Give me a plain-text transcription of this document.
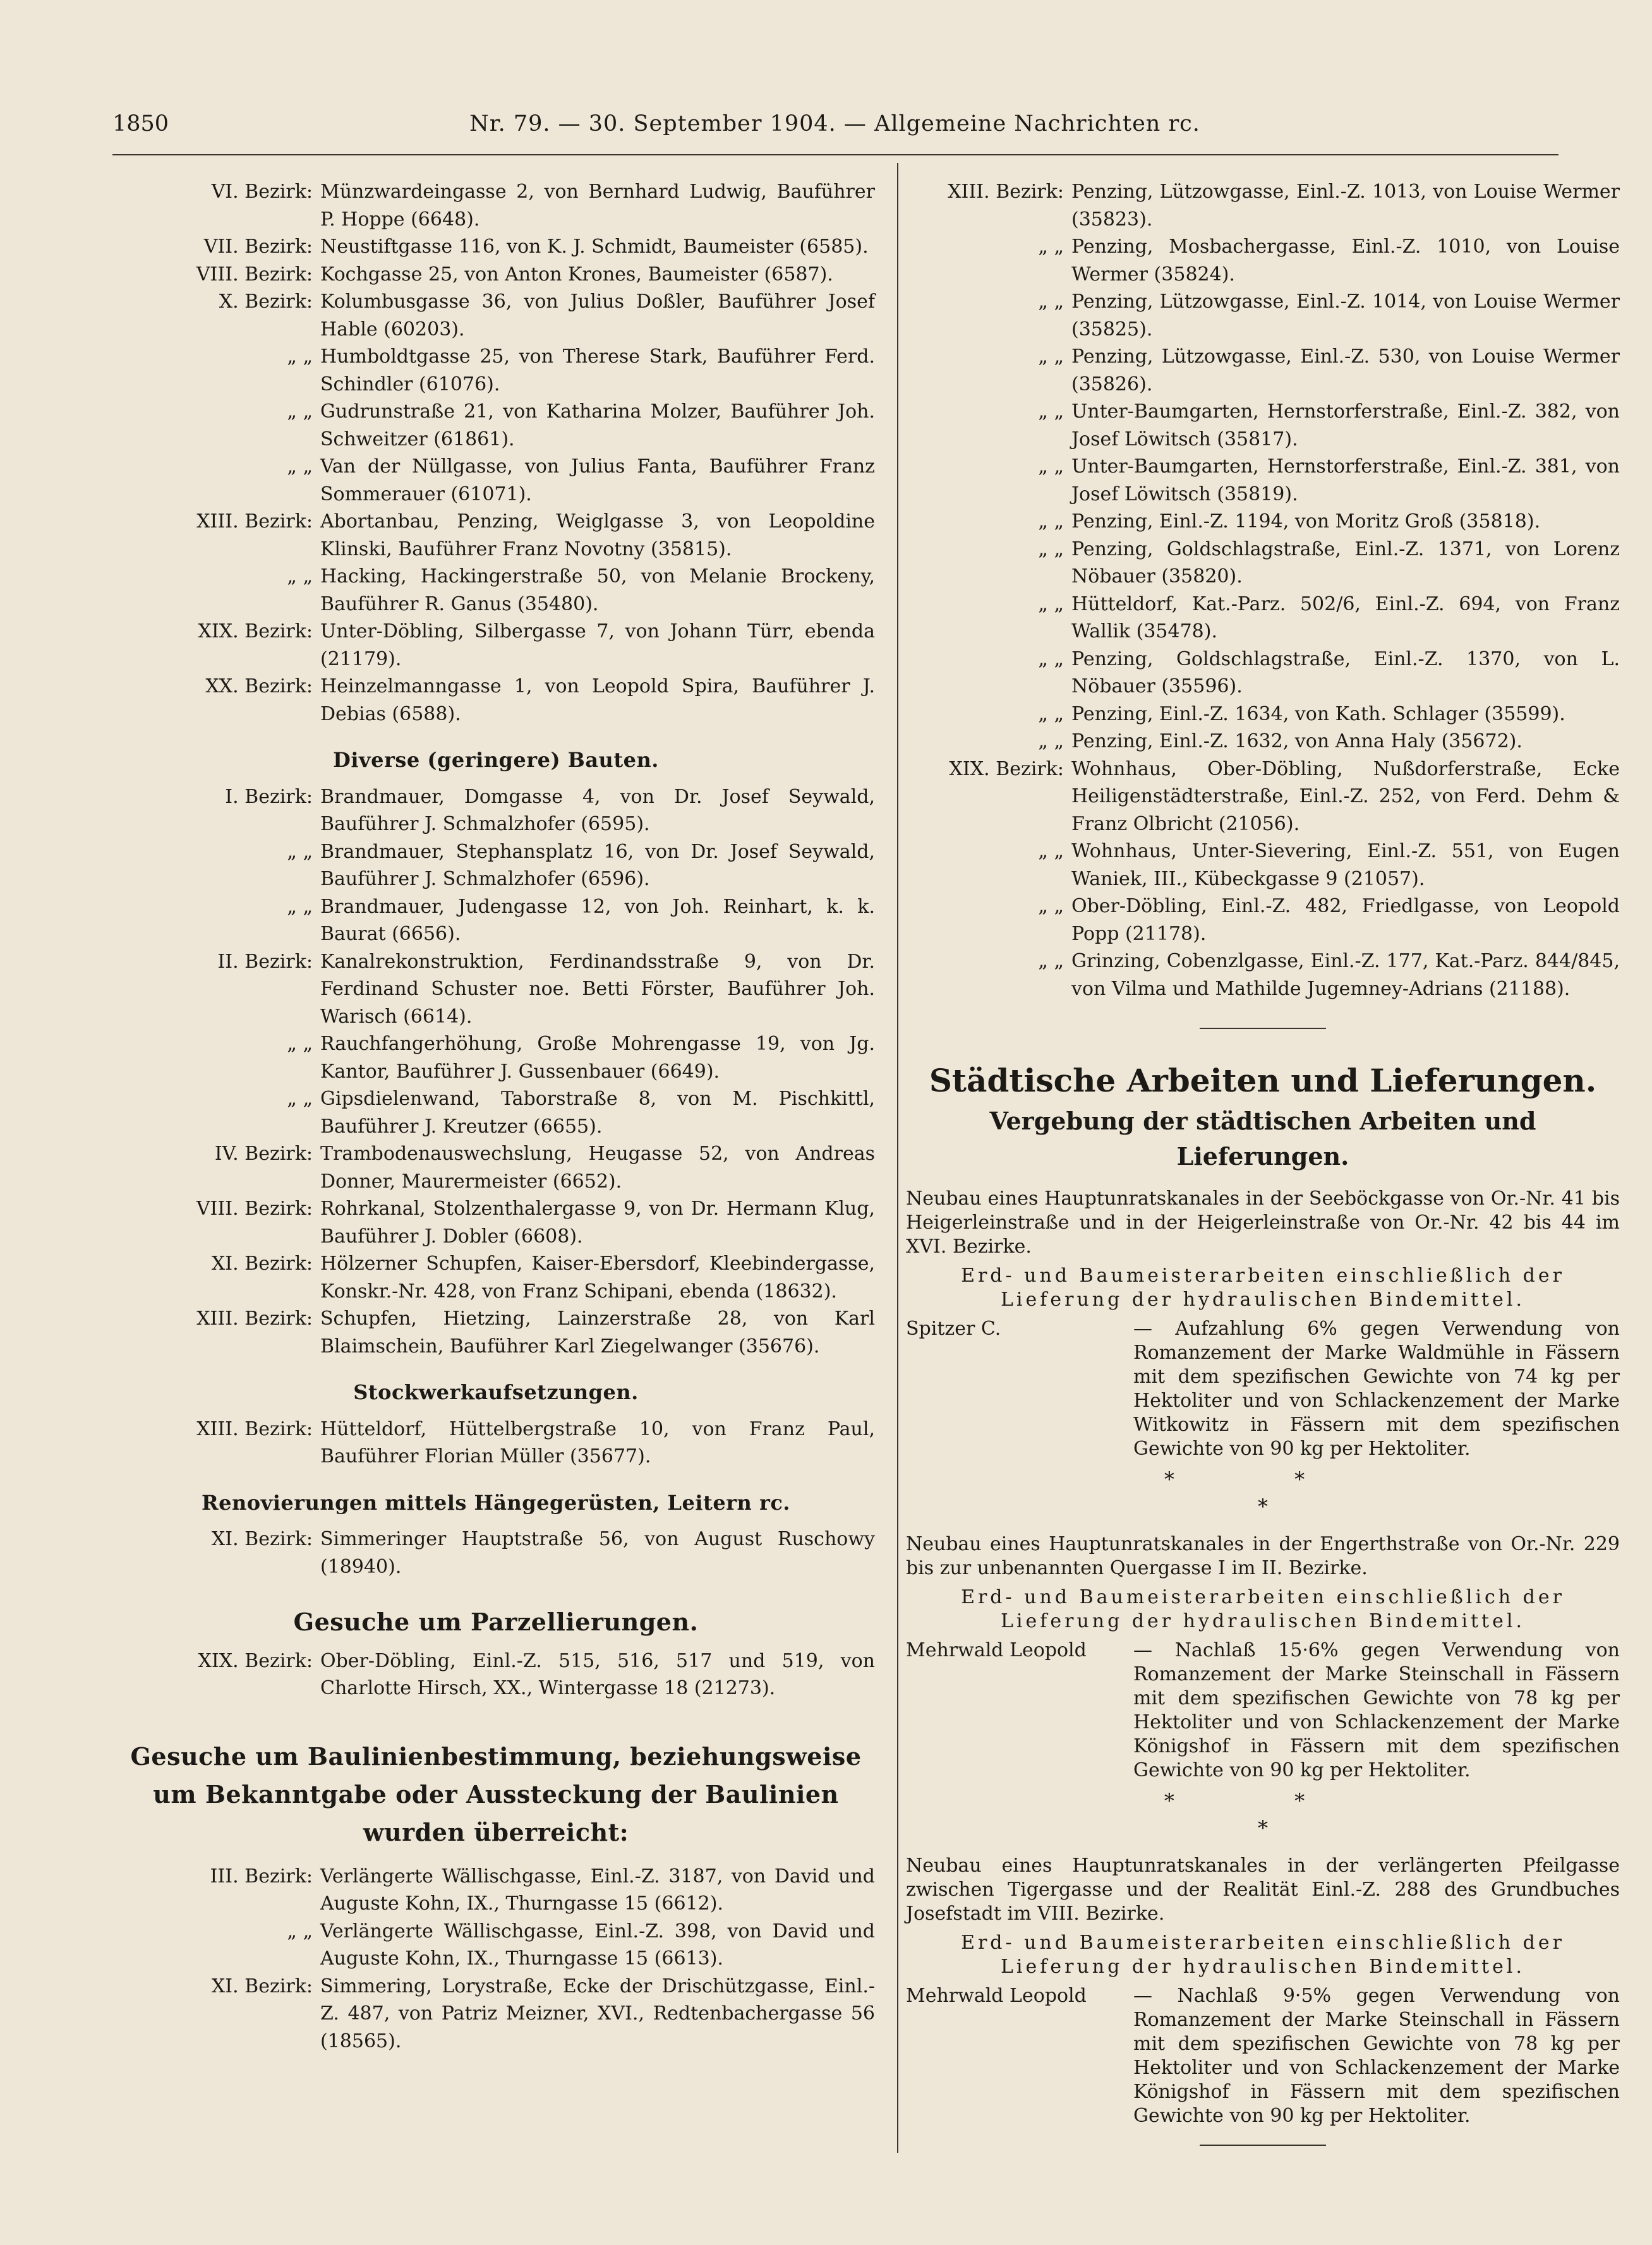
1850	Nr. 79. — 30. September 1904. — Allgemeine Nachrichten rc.
VI. Bezirk: Münzwardeingasse 2, von Bernhard Ludwig, Bauführer P. Hoppe (6648).
VII. Bezirk: Neustiftgasse 116, von K. J. Schmidt, Baumeister (6585).
VIII. Bezirk: Kochgasse 25, von Anton Krones, Baumeister (6587).
X. Bezirk: Kolumbusgasse 36, von Julius Doßler, Bauführer Josef Hable (60203).
„ „ Humboldtgasse 25, von Therese Stark, Bauführer Ferd. Schindler (61076).
„ „ Gudrunstraße 21, von Katharina Molzer, Bauführer Joh. Schweitzer (61861).
„ „ Van der Nüllgasse, von Julius Fanta, Bauführer Franz Sommerauer (61071).
XIII. Bezirk: Abortanbau, Penzing, Weiglgasse 3, von Leopoldine Klinski, Bauführer Franz Novotny (35815).
„ „ Hacking, Hackingerstraße 50, von Melanie Brockeny, Bauführer R. Ganus (35480).
XIX. Bezirk: Unter-Döbling, Silbergasse 7, von Johann Türr, ebenda (21179).
XX. Bezirk: Heinzelmanngasse 1, von Leopold Spira, Bauführer J. Debias (6588).
Diverse (geringere) Bauten.
I. Bezirk: Brandmauer, Domgasse 4, von Dr. Josef Seywald, Bauführer J. Schmalzhofer (6595).
„ „ Brandmauer, Stephansplatz 16, von Dr. Josef Seywald, Bauführer J. Schmalzhofer (6596).
„ „ Brandmauer, Judengasse 12, von Joh. Reinhart, k. k. Baurat (6656).
II. Bezirk: Kanalrekonstruktion, Ferdinandsstraße 9, von Dr. Ferdinand Schuster noe. Betti Förster, Bauführer Joh. Warisch (6614).
„ „ Rauchfangerhöhung, Große Mohrengasse 19, von Jg. Kantor, Bauführer J. Gussenbauer (6649).
„ „ Gipsdielenwand, Taborstraße 8, von M. Pischkittl, Bauführer J. Kreutzer (6655).
IV. Bezirk: Trambodenauswechslung, Heugasse 52, von Andreas Donner, Maurermeister (6652).
VIII. Bezirk: Rohrkanal, Stolzenthalergasse 9, von Dr. Hermann Klug, Bauführer J. Dobler (6608).
XI. Bezirk: Hölzerner Schupfen, Kaiser-Ebersdorf, Kleebindergasse, Konskr.-Nr. 428, von Franz Schipani, ebenda (18632).
XIII. Bezirk: Schupfen, Hietzing, Lainzerstraße 28, von Karl Blaimschein, Bauführer Karl Ziegelwanger (35676).
Stockwerkaufsetzungen.
XIII. Bezirk: Hütteldorf, Hüttelbergstraße 10, von Franz Paul, Bauführer Florian Müller (35677).
Renovierungen mittels Hängegerüsten, Leitern rc.
XI. Bezirk: Simmeringer Hauptstraße 56, von August Ruschowy (18940).
Gesuche um Parzellierungen.
XIX. Bezirk: Ober-Döbling, Einl.-Z. 515, 516, 517 und 519, von Charlotte Hirsch, XX., Wintergasse 18 (21273).
Gesuche um Baulinienbestimmung, beziehungsweise um Bekanntgabe oder Aussteckung der Baulinien wurden überreicht:
III. Bezirk: Verlängerte Wällischgasse, Einl.-Z. 3187, von David und Auguste Kohn, IX., Thurngasse 15 (6612).
„ „ Verlängerte Wällischgasse, Einl.-Z. 398, von David und Auguste Kohn, IX., Thurngasse 15 (6613).
XI. Bezirk: Simmering, Lorystraße, Ecke der Drischützgasse, Einl.-Z. 487, von Patriz Meizner, XVI., Redtenbachergasse 56 (18565).
XIII. Bezirk: Penzing, Lützowgasse, Einl.-Z. 1013, von Louise Wermer (35823).
„ „ Penzing, Mosbachergasse, Einl.-Z. 1010, von Louise Wermer (35824).
„ „ Penzing, Lützowgasse, Einl.-Z. 1014, von Louise Wermer (35825).
„ „ Penzing, Lützowgasse, Einl.-Z. 530, von Louise Wermer (35826).
„ „ Unter-Baumgarten, Hernstorferstraße, Einl.-Z. 382, von Josef Löwitsch (35817).
„ „ Unter-Baumgarten, Hernstorferstraße, Einl.-Z. 381, von Josef Löwitsch (35819).
„ „ Penzing, Einl.-Z. 1194, von Moritz Groß (35818).
„ „ Penzing, Goldschlagstraße, Einl.-Z. 1371, von Lorenz Nöbauer (35820).
„ „ Hütteldorf, Kat.-Parz. 502/6, Einl.-Z. 694, von Franz Wallik (35478).
„ „ Penzing, Goldschlagstraße, Einl.-Z. 1370, von L. Nöbauer (35596).
„ „ Penzing, Einl.-Z. 1634, von Kath. Schlager (35599).
„ „ Penzing, Einl.-Z. 1632, von Anna Haly (35672).
XIX. Bezirk: Wohnhaus, Ober-Döbling, Nußdorferstraße, Ecke Heiligenstädterstraße, Einl.-Z. 252, von Ferd. Dehm & Franz Olbricht (21056).
„ „ Wohnhaus, Unter-Sievering, Einl.-Z. 551, von Eugen Waniek, III., Kübeckgasse 9 (21057).
„ „ Ober-Döbling, Einl.-Z. 482, Friedlgasse, von Leopold Popp (21178).
„ „ Grinzing, Cobenzlgasse, Einl.-Z. 177, Kat.-Parz. 844/845, von Vilma und Mathilde Jugemney-Adrians (21188).
Städtische Arbeiten und Lieferungen.
Vergebung der städtischen Arbeiten und Lieferungen.
Neubau eines Hauptunratskanales in der Seeböckgasse von Or.-Nr. 41 bis Heigerleinstraße und in der Heigerleinstraße von Or.-Nr. 42 bis 44 im XVI. Bezirke.
Erd- und Baumeisterarbeiten einschließlich der Lieferung der hydraulischen Bindemittel.
Spitzer C.	— Aufzahlung 6% gegen Verwendung von Romanzement der Marke Waldmühle in Fässern mit dem spezifischen Gewichte von 74 kg per Hektoliter und von Schlackenzement der Marke Witkowitz in Fässern mit dem spezifischen Gewichte von 90 kg per Hektoliter.
* *
*
Neubau eines Hauptunratskanales in der Engerthstraße von Or.-Nr. 229 bis zur unbenannten Quergasse I im II. Bezirke.
Erd- und Baumeisterarbeiten einschließlich der Lieferung der hydraulischen Bindemittel.
Mehrwald Leopold	— Nachlaß 15·6% gegen Verwendung von Romanzement der Marke Steinschall in Fässern mit dem spezifischen Gewichte von 78 kg per Hektoliter und von Schlackenzement der Marke Königshof in Fässern mit dem spezifischen Gewichte von 90 kg per Hektoliter.
* *
*
Neubau eines Hauptunratskanales in der verlängerten Pfeilgasse zwischen Tigergasse und der Realität Einl.-Z. 288 des Grundbuches Josefstadt im VIII. Bezirke.
Erd- und Baumeisterarbeiten einschließlich der Lieferung der hydraulischen Bindemittel.
Mehrwald Leopold	— Nachlaß 9·5% gegen Verwendung von Romanzement der Marke Steinschall in Fässern mit dem spezifischen Gewichte von 78 kg per Hektoliter und von Schlackenzement der Marke Königshof in Fässern mit dem spezifischen Gewichte von 90 kg per Hektoliter.
